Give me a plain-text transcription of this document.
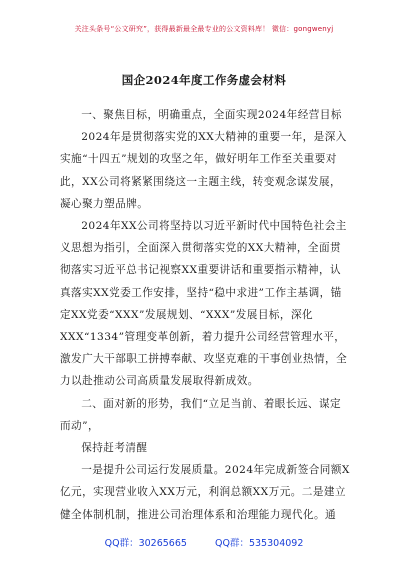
关注头条号“公文研究”，获得最新最全最专业的公文资料库！ 微信：gongwenyj
国企2024年度工作务虚会材料

一、聚焦目标，明确重点，全面实现2024年经营目标

2024年是贯彻落实党的XX大精神的重要一年，是深入实施“十四五”规划的攻坚之年，做好明年工作至关重要对此，XX公司将紧紧围绕这一主题主线，转变观念谋发展，凝心聚力塑品牌。

2024年XX公司将坚持以习近平新时代中国特色社会主义思想为指引，全面深入贯彻落实党的XX大精神，全面贯彻落实习近平总书记视察XX重要讲话和重要指示精神，认真落实XX党委工作安排，坚持“稳中求进”工作主基调，锚定XX党委“XXX”发展规划、“XXX”发展目标，深化XXX“1334”管理变革创新，着力提升公司经营管理水平，激发广大干部职工拼搏奉献、攻坚克难的干事创业热情，全力以赴推动公司高质量发展取得新成效。

二、面对新的形势，我们“立足当前、着眼长远、谋定而动”，

保持赶考清醒

一是提升公司运行发展质量。2024年完成新签合同额X亿元，实现营业收入XX万元，利润总额XX万元。二是建立健全体制机制，推进公司治理体系和治理能力现代化。通

QQ群：30265665	QQ群：535304092
